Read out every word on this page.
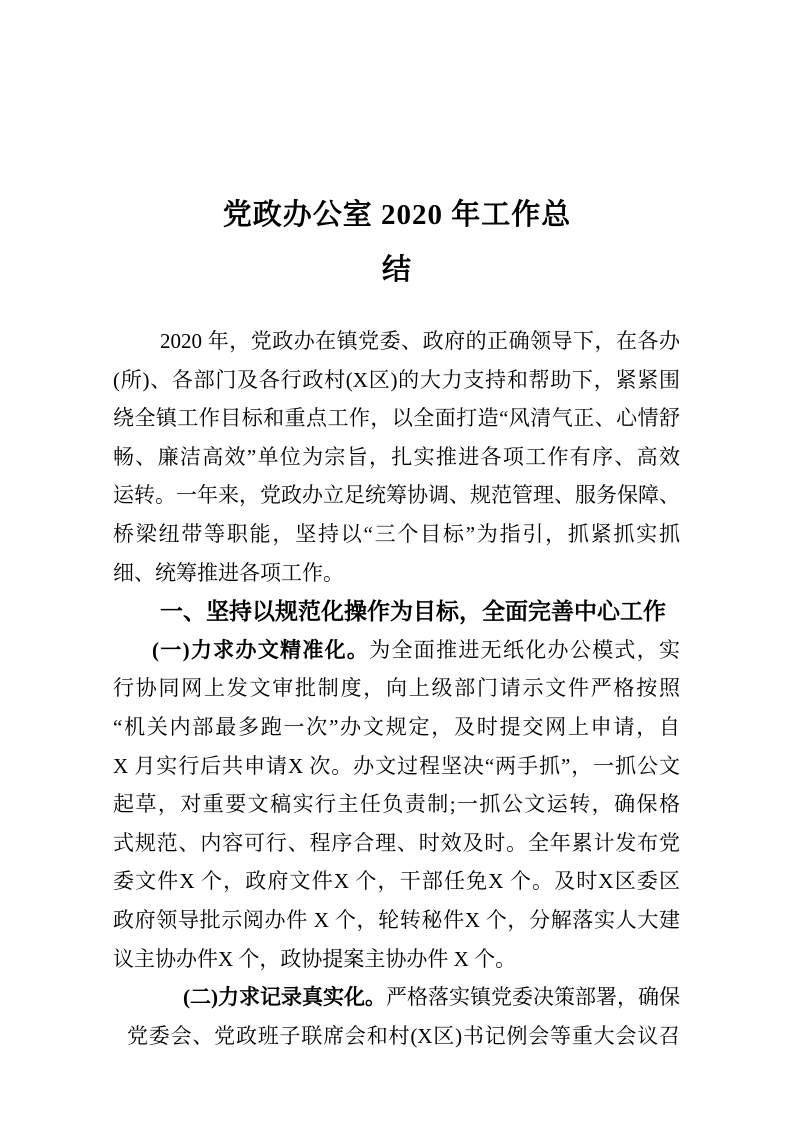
党政办公室 2020 年工作总
结
2020 年，党政办在镇党委、政府的正确领导下，在各办
(所)、各部门及各行政村(X区)的大力支持和帮助下，紧紧围
绕全镇工作目标和重点工作，以全面打造“风清气正、心情舒
畅、廉洁高效”单位为宗旨，扎实推进各项工作有序、高效
运转。一年来，党政办立足统筹协调、规范管理、服务保障、
桥梁纽带等职能，坚持以“三个目标”为指引，抓紧抓实抓
细、统筹推进各项工作。
一、坚持以规范化操作为目标，全面完善中心工作
(一)力求办文精准化。为全面推进无纸化办公模式，实
行协同网上发文审批制度，向上级部门请示文件严格按照
“机关内部最多跑一次”办文规定，及时提交网上申请，自
X 月实行后共申请X 次。办文过程坚决“两手抓”，一抓公文
起草，对重要文稿实行主任负责制;一抓公文运转，确保格
式规范、内容可行、程序合理、时效及时。全年累计发布党
委文件X 个，政府文件X 个，干部任免X 个。及时X区委区
政府领导批示阅办件 X 个，轮转秘件X 个，分解落实人大建
议主协办件X 个，政协提案主协办件 X 个。
(二)力求记录真实化。严格落实镇党委决策部署，确保
党委会、党政班子联席会和村(X区)书记例会等重大会议召
